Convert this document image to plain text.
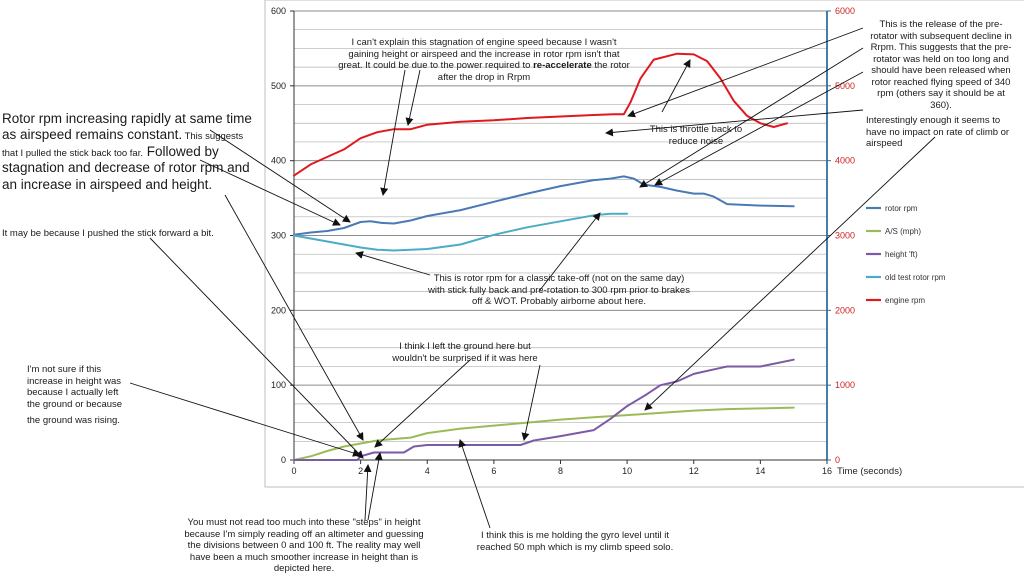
0	2	4	6	8	10	12	14	16
0
100
200
300
400
500
600
0
1000
2000
3000
4000
5000
6000
Time (seconds)
rotor rpm
A/S (mph)
height 'ft)
old test rotor rpm
engine rpm
I can't explain this stagnation of engine speed because I wasn't gaining height or airspeed and the increase in rotor rpm isn't that great. It could be due to the power required to re-accelerate the rotor after the drop in Rrpm
This is the release of the pre-rotator with subsequent decline in Rrpm. This suggests that the pre-rotator was held on too long and should have been released when rotor reached flying speed of 340 rpm (others say it should be at 360).
Interestingly enough it seems to have no impact on rate of climb or airspeed
This is throttle back to reduce noise
Rotor rpm increasing rapidly at same time as airspeed remains constant. This suggests that I pulled the stick back too far. Followed by stagnation and decrease of rotor rpm and an increase in airspeed and height.
It may be because I pushed the stick forward a bit.
This is rotor rpm for a classic take-off (not on the same day) with stick fully back and pre-rotation to 300 rpm prior to brakes off & WOT. Probably airborne about here.
I think I left the ground here but wouldn't be surprised if it was here
I'm not sure if this increase in height was because I actually left the ground or because
the ground was rising.
You must not read too much into these "steps" in height because I'm simply reading off an altimeter and guessing the divisions between 0 and 100 ft. The reality may well have been a much smoother increase in height than is depicted here.
I think this is me holding the gyro level until it reached 50 mph which is my climb speed solo.
